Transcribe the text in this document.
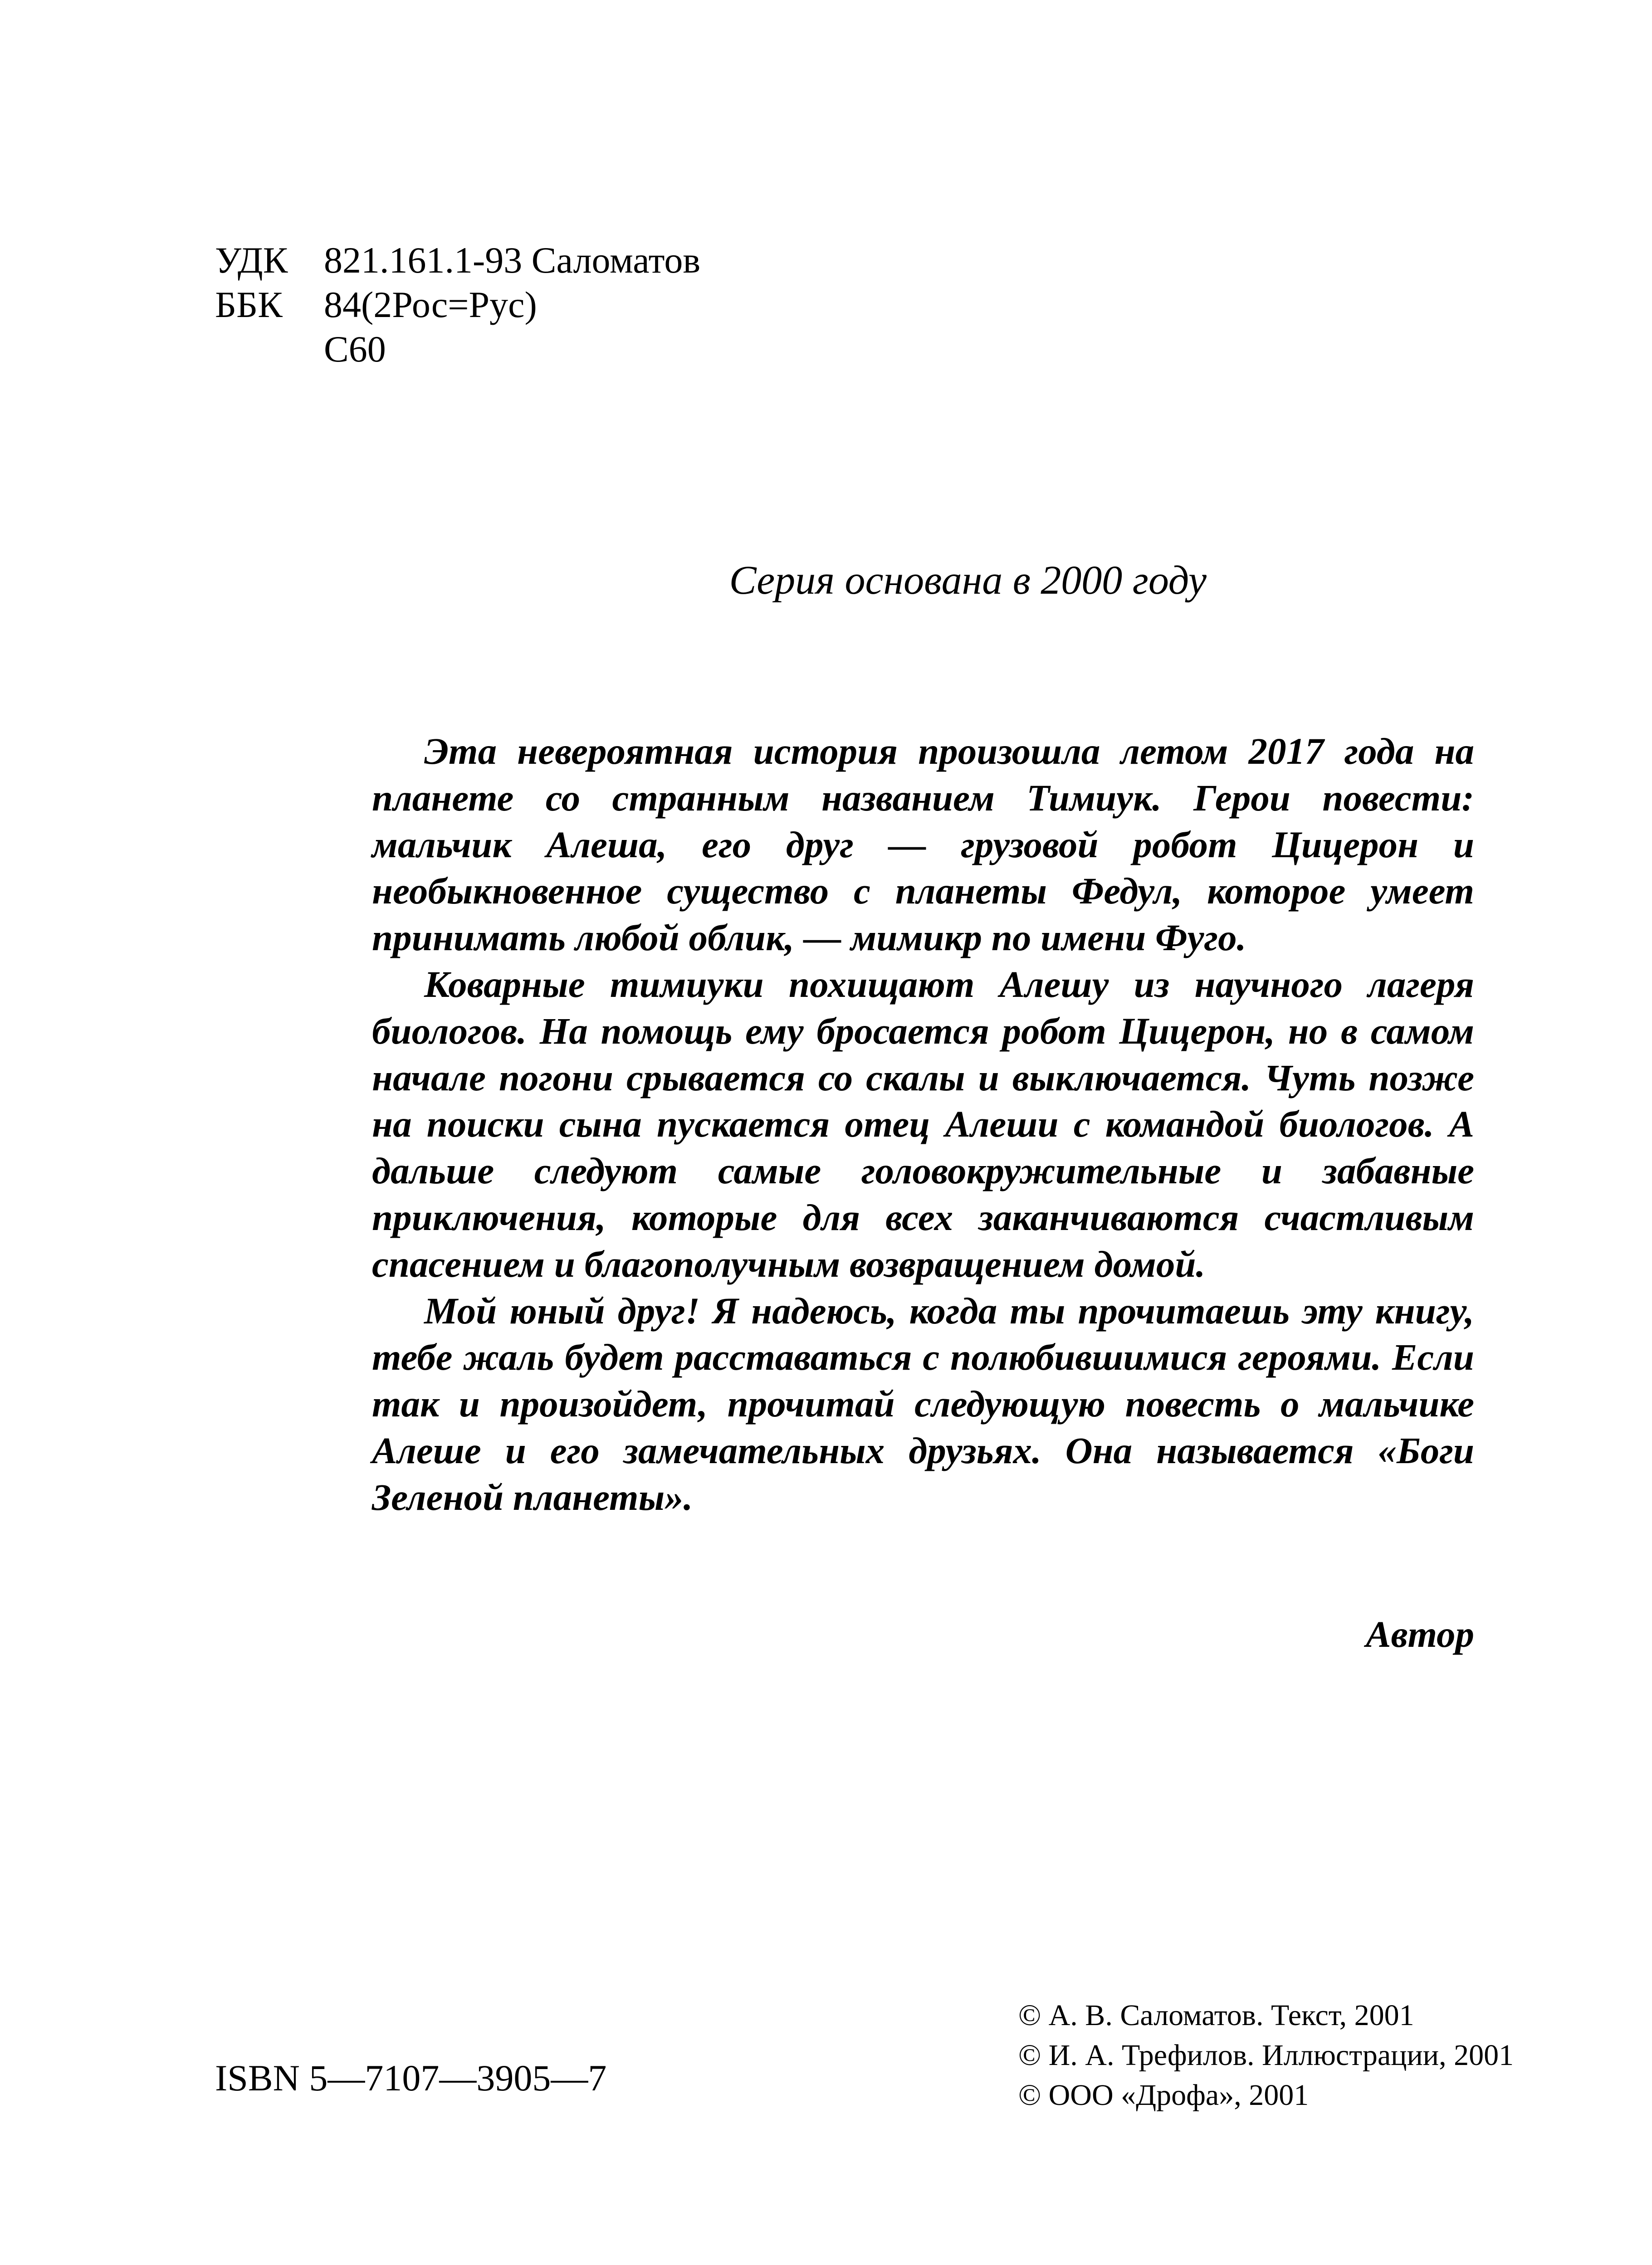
УДК 821.161.1-93 Саломатов
ББК	84(2Рос=Рус)
С60
Серия основана в 2000 году

Эта невероятная история произошла летом 2017 года на планете со странным названием Тимиук. Герои повести: мальчик Алеша, его друг — грузовой робот Цицерон и необыкновенное существо с планеты Федул, которое умеет принимать любой облик, — мимикр по имени Фуго.

Коварные тимиуки похищают Алешу из научного лагеря биологов. На помощь ему бросается робот Цицерон, но в самом начале погони срывается со скалы и выключается. Чуть позже на поиски сына пускается отец Алеши с командой биологов. А дальше следуют самые головокружительные и забавные приключения, которые для всех заканчиваются счастливым спасением и благополучным возвращением домой.

Мой юный друг! Я надеюсь, когда ты прочитаешь эту книгу, тебе жаль будет расставаться с полюбившимися героями. Если так и произойдет, прочитай следующую повесть о мальчике Алеше и его замечательных друзьях. Она называется «Боги Зеленой планеты».

Автор
ISBN 5—7107—3905—7
© А. В. Саломатов. Текст, 2001
© И. А. Трефилов. Иллюстрации, 2001
© ООО «Дрофа», 2001
